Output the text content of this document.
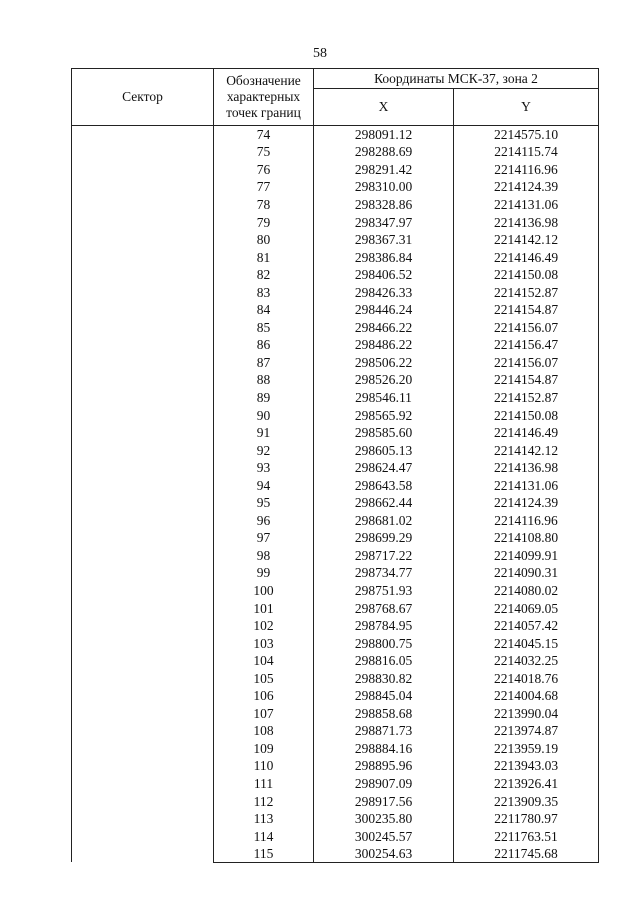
58
Сектор	Обозначение
характерных
точек границ	Координаты МСК-37, зона 2	
		X	Y
	74	298091.12	2214575.10
	75	298288.69	2214115.74
	76	298291.42	2214116.96
	77	298310.00	2214124.39
	78	298328.86	2214131.06
	79	298347.97	2214136.98
	80	298367.31	2214142.12
	81	298386.84	2214146.49
	82	298406.52	2214150.08
	83	298426.33	2214152.87
	84	298446.24	2214154.87
	85	298466.22	2214156.07
	86	298486.22	2214156.47
	87	298506.22	2214156.07
	88	298526.20	2214154.87
	89	298546.11	2214152.87
	90	298565.92	2214150.08
	91	298585.60	2214146.49
	92	298605.13	2214142.12
	93	298624.47	2214136.98
	94	298643.58	2214131.06
	95	298662.44	2214124.39
	96	298681.02	2214116.96
	97	298699.29	2214108.80
	98	298717.22	2214099.91
	99	298734.77	2214090.31
	100	298751.93	2214080.02
	101	298768.67	2214069.05
	102	298784.95	2214057.42
	103	298800.75	2214045.15
	104	298816.05	2214032.25
	105	298830.82	2214018.76
	106	298845.04	2214004.68
	107	298858.68	2213990.04
	108	298871.73	2213974.87
	109	298884.16	2213959.19
	110	298895.96	2213943.03
	111	298907.09	2213926.41
	112	298917.56	2213909.35
	113	300235.80	2211780.97
	114	300245.57	2211763.51
	115	300254.63	2211745.68
